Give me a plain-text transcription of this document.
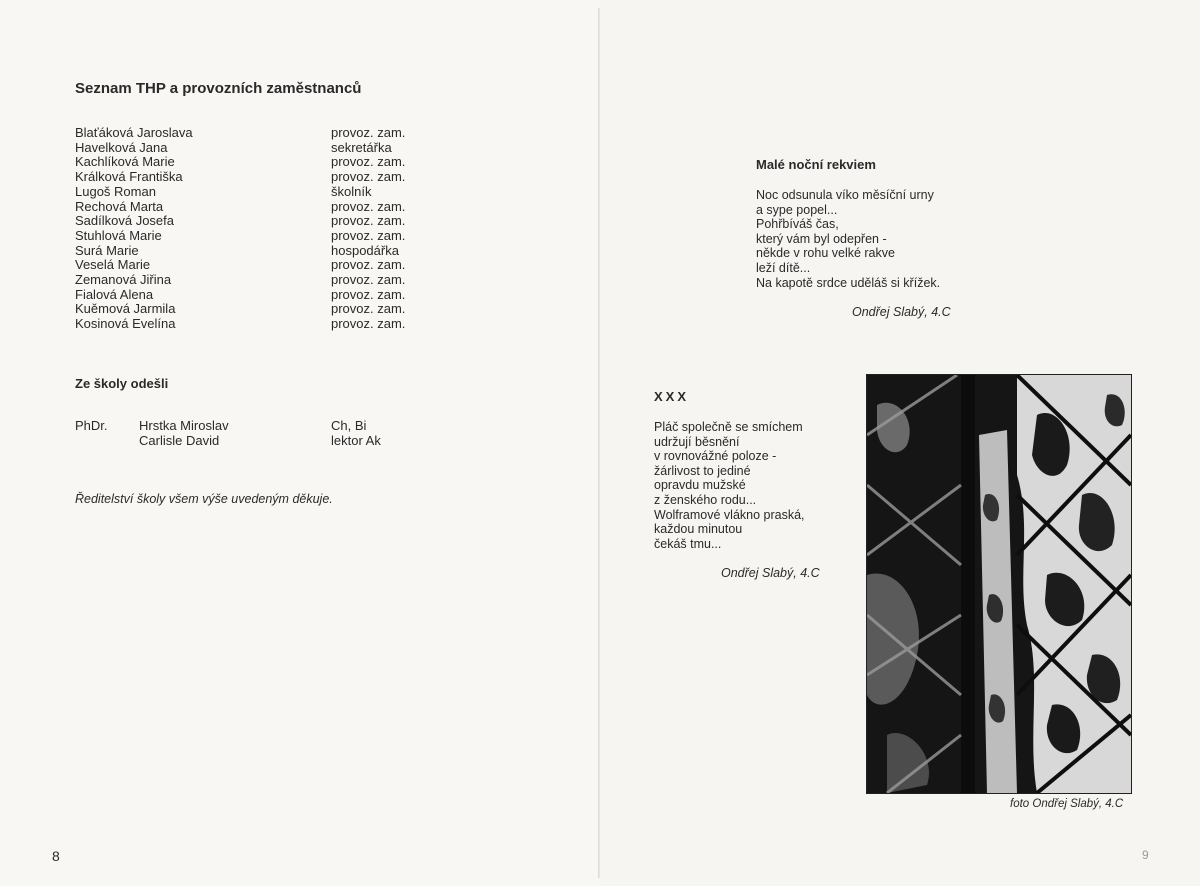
Seznam THP a provozních zaměstnanců
Blaťáková Jaroslava
Havelková Jana
Kachlíková Marie
Králková Františka
Lugoš Roman
Rechová Marta
Sadílková Josefa
Stuhlová Marie
Surá Marie
Veselá Marie
Zemanová Jiřina
Fialová Alena
Kuěmová Jarmila
Kosinová Evelína
provoz. zam.
sekretářka
provoz. zam.
provoz. zam.
školník
provoz. zam.
provoz. zam.
provoz. zam.
hospodářka
provoz. zam.
provoz. zam.
provoz. zam.
provoz. zam.
provoz. zam.
Ze školy odešli
PhDr. Hrstka Miroslav
Carlisle David
Ch, Bi
lektor Ak
Ředitelství školy všem výše uvedeným děkuje.
8
Malé noční rekviem
Noc odsunula víko měsíční urny
a sype popel...
Pohřbíváš čas,
který vám byl odepřen -
někde v rohu velké rakve
leží dítě...
Na kapotě srdce uděláš si křížek.
Ondřej Slabý, 4.C
XXX
Pláč společně se smíchem
udržují běsnění
v rovnovážné poloze -
žárlivost to jediné
opravdu mužské
z ženského rodu...
Wolframové vlákno praská,
každou minutou
čekáš tmu...
Ondřej Slabý, 4.C
foto Ondřej Slabý, 4.C
9
